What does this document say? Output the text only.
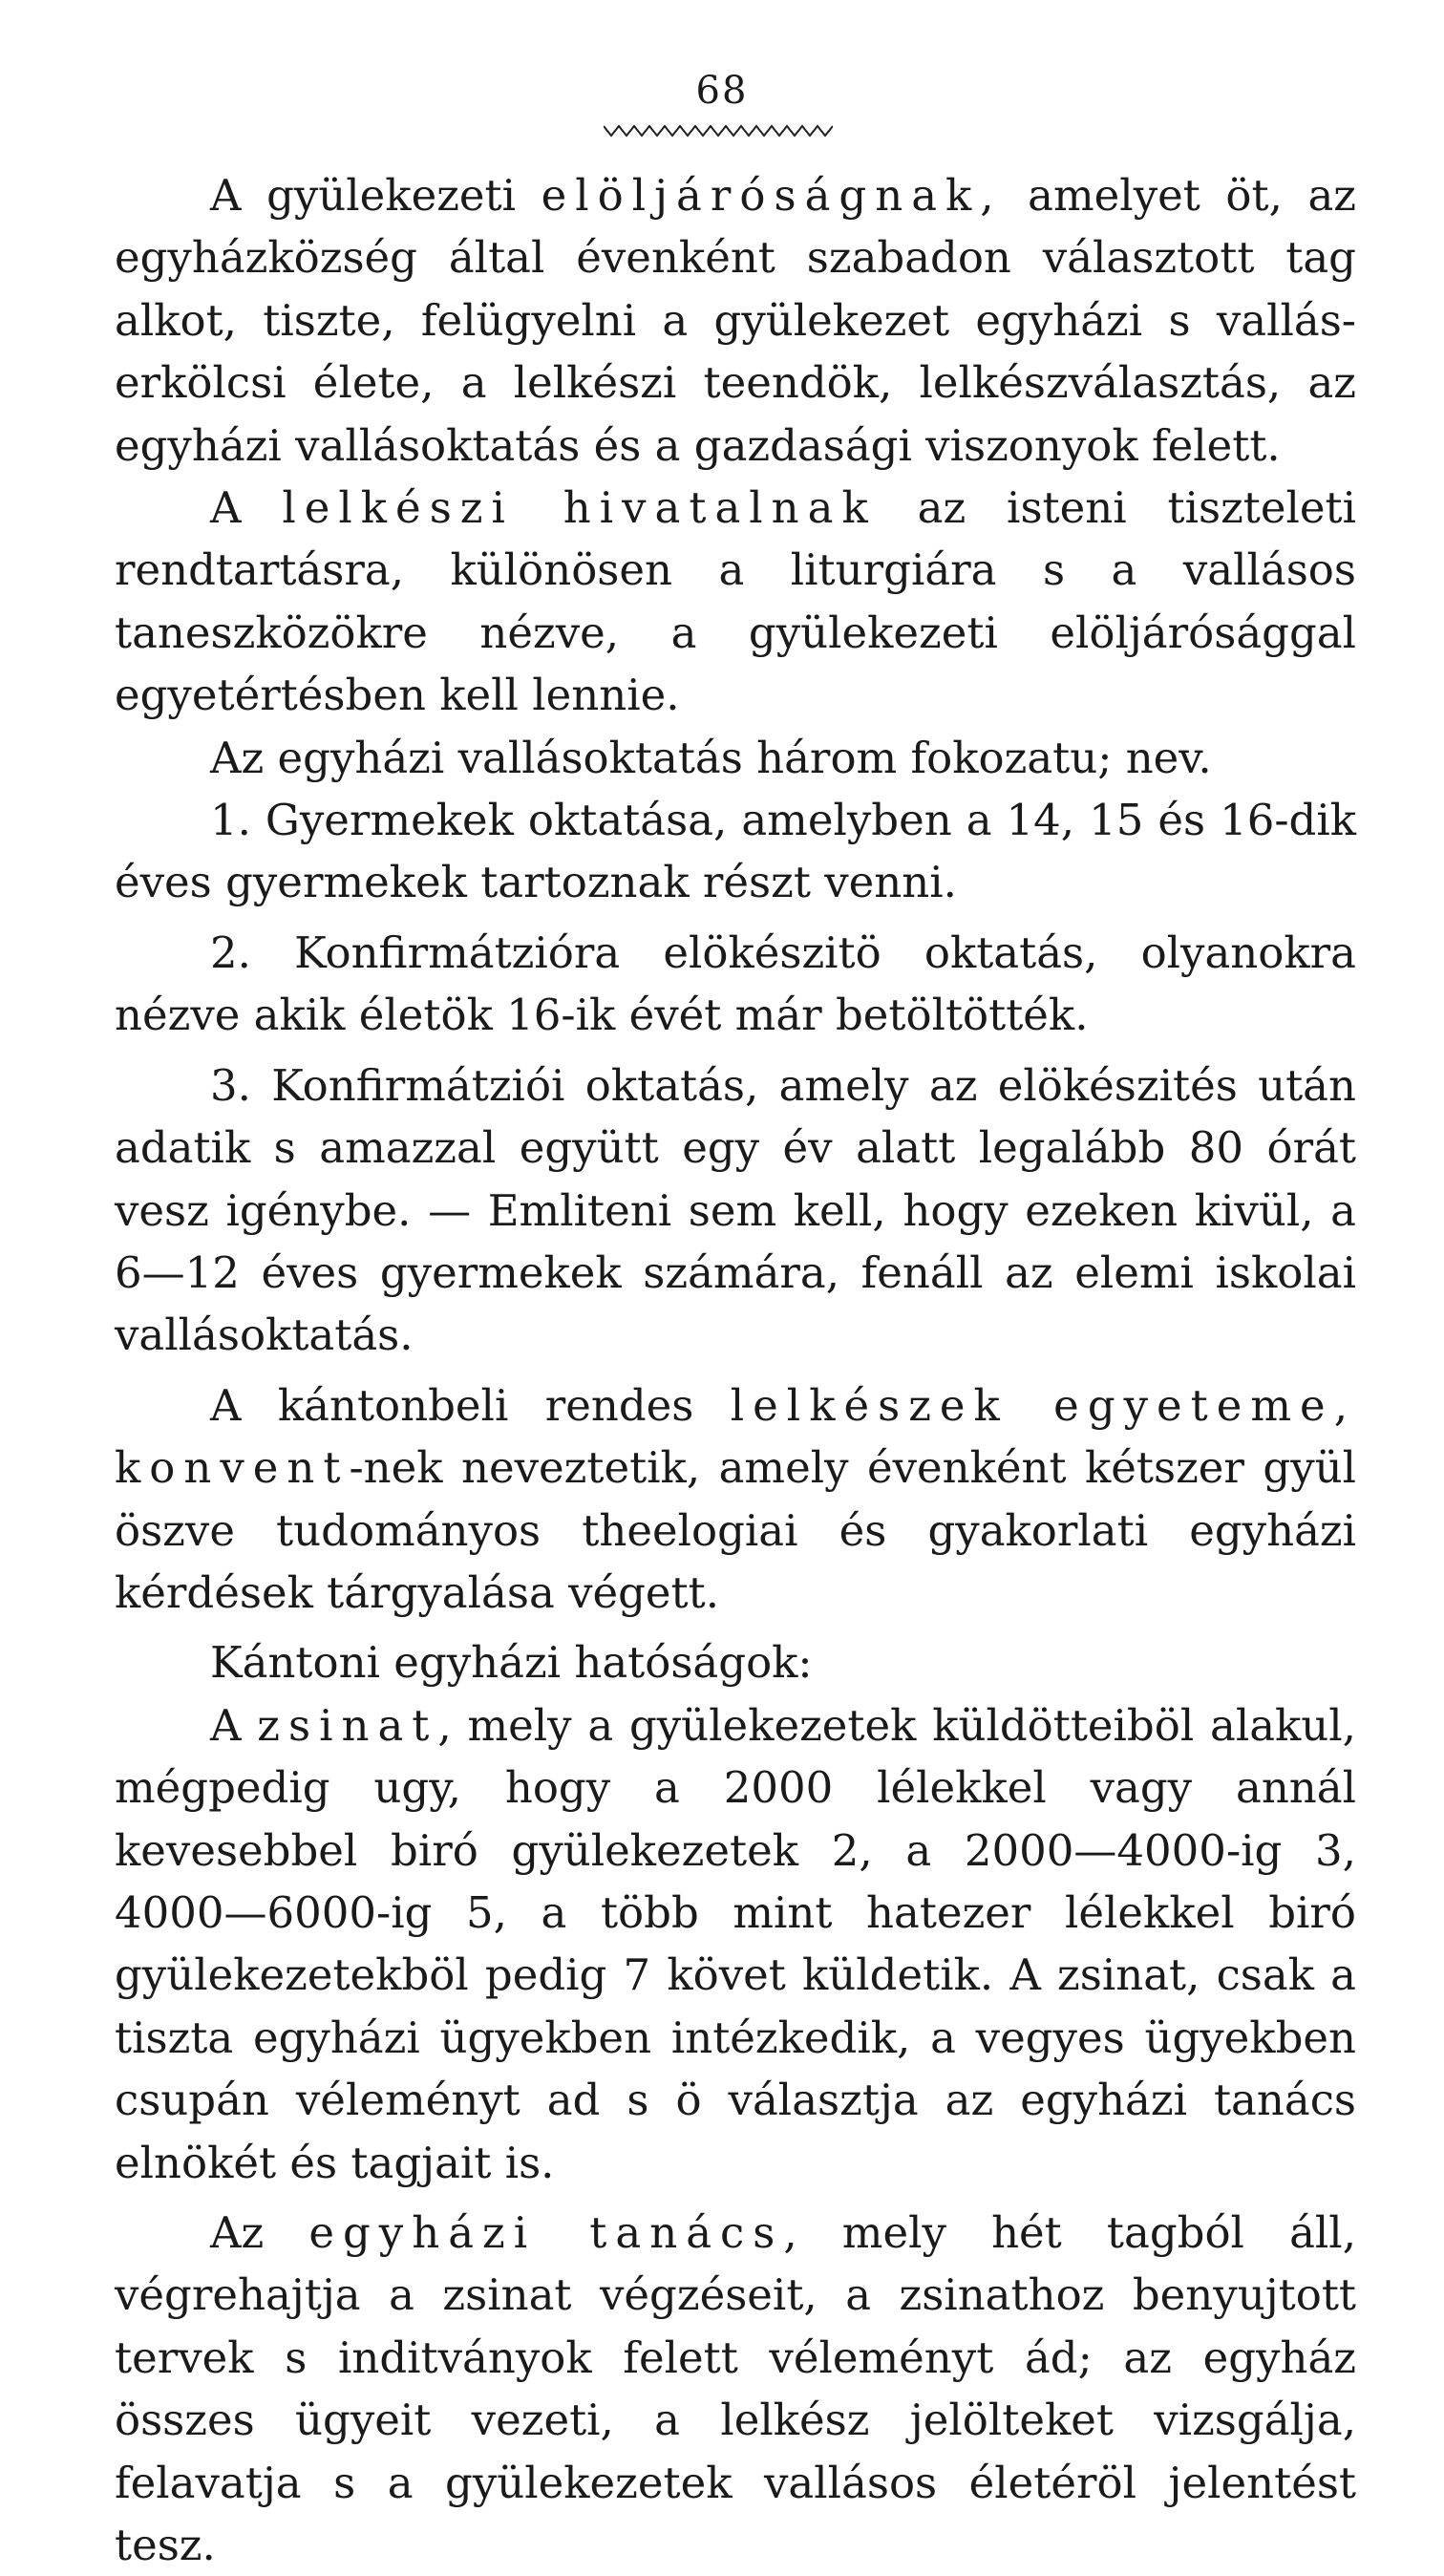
68

A gyülekezeti elöljáróságnak, amelyet öt, az egyházközség által évenként szabadon választott tag alkot, tiszte, felügyelni a gyülekezet egyházi s vallás-erkölcsi élete, a lelkészi teendök, lelkészválasztás, az egyházi vallásoktatás és a gazdasági viszonyok felett.

A lelkészi hivatalnak az isteni tiszteleti rendtartásra, különösen a liturgiára s a vallásos taneszközökre nézve, a gyülekezeti elöljárósággal egyetértésben kell lennie.

Az egyházi vallásoktatás három fokozatu; nev.

1. Gyermekek oktatása, amelyben a 14, 15 és 16-dik éves gyermekek tartoznak részt venni.

2. Konfirmátzióra elökészitö oktatás, olyanokra nézve akik életök 16-ik évét már betöltötték.

3. Konfirmátziói oktatás, amely az elökészités után adatik s amazzal együtt egy év alatt legalább 80 órát vesz igénybe. — Emliteni sem kell, hogy ezeken kivül, a 6—12 éves gyermekek számára, fenáll az elemi iskolai vallásoktatás.

A kántonbeli rendes lelkészek egyeteme, konvent-nek neveztetik, amely évenként kétszer gyül öszve tudományos theelogiai és gyakorlati egyházi kérdések tárgyalása végett.

Kántoni egyházi hatóságok:

A zsinat, mely a gyülekezetek küldötteiböl alakul, mégpedig ugy, hogy a 2000 lélekkel vagy annál kevesebbel biró gyülekezetek 2, a 2000—4000-ig 3, 4000—6000-ig 5, a több mint hatezer lélekkel biró gyülekezetekböl pedig 7 követ küldetik. A zsinat, csak a tiszta egyházi ügyekben intézkedik, a vegyes ügyekben csupán véleményt ad s ö választja az egyházi tanács elnökét és tagjait is.

Az egyházi tanács, mely hét tagból áll, végrehajtja a zsinat végzéseit, a zsinathoz benyujtott tervek s inditványok felett véleményt ád; az egyház összes ügyeit vezeti, a lelkész jelölteket vizsgálja, felavatja s a gyülekezetek vallásos életéröl jelentést tesz.
